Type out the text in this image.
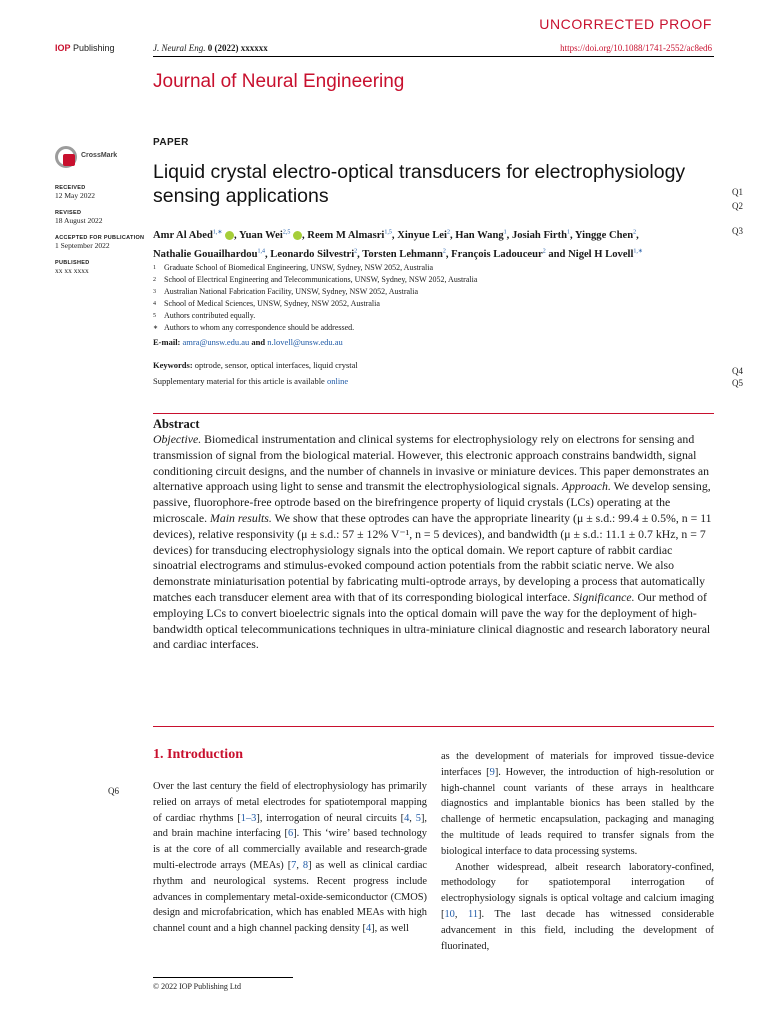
UNCORRECTED PROOF
IOP Publishing	J. Neural Eng. 0 (2022) xxxxxx	https://doi.org/10.1088/1741-2552/ac8ed6
Journal of Neural Engineering
CrossMark
RECEIVED
12 May 2022
REVISED
18 August 2022
ACCEPTED FOR PUBLICATION
1 September 2022
PUBLISHED
xx xx xxxx
PAPER
Liquid crystal electro-optical transducers for electrophysiology sensing applications
Amr Al Abed$^{1,∗}$ , Yuan Wei$^{2,5}$ , Reem M Almasri$^{1,5}$, Xinyue Lei$^2$, Han Wang$^1$, Josiah Firth$^1$, Yingge Chen$^2$,
Nathalie Gouailhardou$^{1,4}$, Leonardo Silvestri$^2$, Torsten Lehmann$^2$, François Ladouceur$^2$ and Nigel H Lovell$^{1,∗}$
1 Graduate School of Biomedical Engineering, UNSW, Sydney, NSW 2052, Australia
2 School of Electrical Engineering and Telecommunications, UNSW, Sydney, NSW 2052, Australia
3 Australian National Fabrication Facility, UNSW, Sydney, NSW 2052, Australia
4 School of Medical Sciences, UNSW, Sydney, NSW 2052, Australia
5 Authors contributed equally.
∗ Authors to whom any correspondence should be addressed.
E-mail: amra@unsw.edu.au and n.lovell@unsw.edu.au
Keywords: optrode, sensor, optical interfaces, liquid crystal
Supplementary material for this article is available online
Q1
Q2
Q3
Q4
Q5
Q6
Abstract
Objective. Biomedical instrumentation and clinical systems for electrophysiology rely on electrons for sensing and transmission of signal from the biological material. However, this electronic approach constrains bandwidth, signal conditioning circuit designs, and the number of channels in invasive or miniature devices. This paper demonstrates an alternative approach using light to sense and transmit the electrophysiological signals. Approach. We develop sensing, passive, fluorophore-free optrode based on the birefringence property of liquid crystals (LCs) operating at the microscale. Main results. We show that these optrodes can have the appropriate linearity (μ ± s.d.: 99.4 ± 0.5%, n = 11 devices), relative responsivity (μ ± s.d.: 57 ± 12% V⁻¹, n = 5 devices), and bandwidth (μ ± s.d.: 11.1 ± 0.7 kHz, n = 7 devices) for transducing electrophysiology signals into the optical domain. We report capture of rabbit cardiac sinoatrial electrograms and stimulus-evoked compound action potentials from the rabbit sciatic nerve. We also demonstrate miniaturisation potential by fabricating multi-optrode arrays, by developing a process that automatically matches each transducer element area with that of its corresponding biological interface. Significance. Our method of employing LCs to convert bioelectric signals into the optical domain will pave the way for the deployment of high-bandwidth optical telecommunications techniques in ultra-miniature clinical diagnostic and research laboratory neural and cardiac interfaces.
1. Introduction
Over the last century the field of electrophysiology has primarily relied on arrays of metal electrodes for spatiotemporal mapping of cardiac rhythms [1–3], interrogation of neural circuits [4, 5], and brain machine interfacing [6]. This ‘wire’ based technology is at the core of all commercially available and research-grade multi-electrode arrays (MEAs) [7, 8] as well as clinical cardiac rhythm and neurological systems. Recent progress include advances in complementary metal-oxide-semiconductor (CMOS) design and microfabrication, which has enabled MEAs with high channel count and a high channel packing density [4], as well
as the development of materials for improved tissue-device interfaces [9]. However, the introduction of high-resolution or high-channel count variants of these arrays in healthcare diagnostics and implantable bionics has been stalled by the challenge of hermetic encapsulation, packaging and managing the multitude of leads required to transfer signals from the biological interface to data processing systems.
Another widespread, albeit research laboratory-confined, methodology for spatiotemporal interrogation of electrophysiology signals is optical voltage and calcium imaging [10, 11]. The last decade has witnessed considerable advancement in this field, including the development of fluorinated,
© 2022 IOP Publishing Ltd
